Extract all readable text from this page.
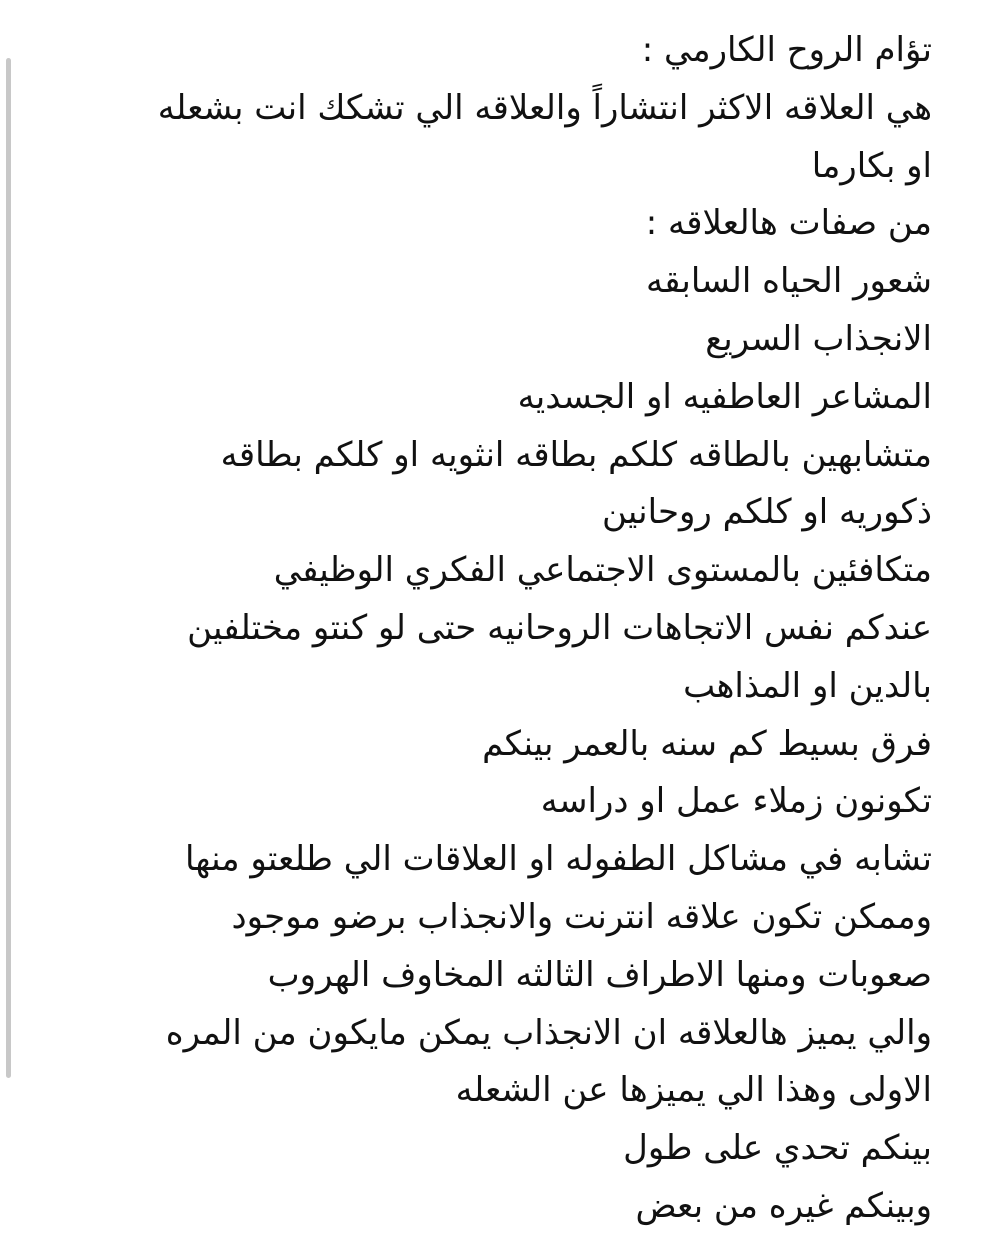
تؤام الروح الكارمي :
هي العلاقه الاكثر انتشاراً والعلاقه الي تشكك انت بشعله
او بكارما
من صفات هالعلاقه :
شعور الحياه السابقه
الانجذاب السريع
المشاعر العاطفيه او الجسديه
متشابهين بالطاقه كلكم بطاقه انثويه او كلكم بطاقه
ذكوريه او كلكم روحانين
متكافئين بالمستوى الاجتماعي الفكري الوظيفي
عندكم نفس الاتجاهات الروحانيه حتى لو كنتو مختلفين
بالدين او المذاهب
فرق بسيط كم سنه بالعمر بينكم
تكونون زملاء عمل او دراسه
تشابه في مشاكل الطفوله او العلاقات الي طلعتو منها
وممكن تكون علاقه انترنت والانجذاب برضو موجود
صعوبات ومنها الاطراف الثالثه المخاوف الهروب
والي يميز هالعلاقه ان الانجذاب يمكن مايكون من المره
الاولى وهذا الي يميزها عن الشعله
بينكم تحدي على طول
وبينكم غيره من بعض
